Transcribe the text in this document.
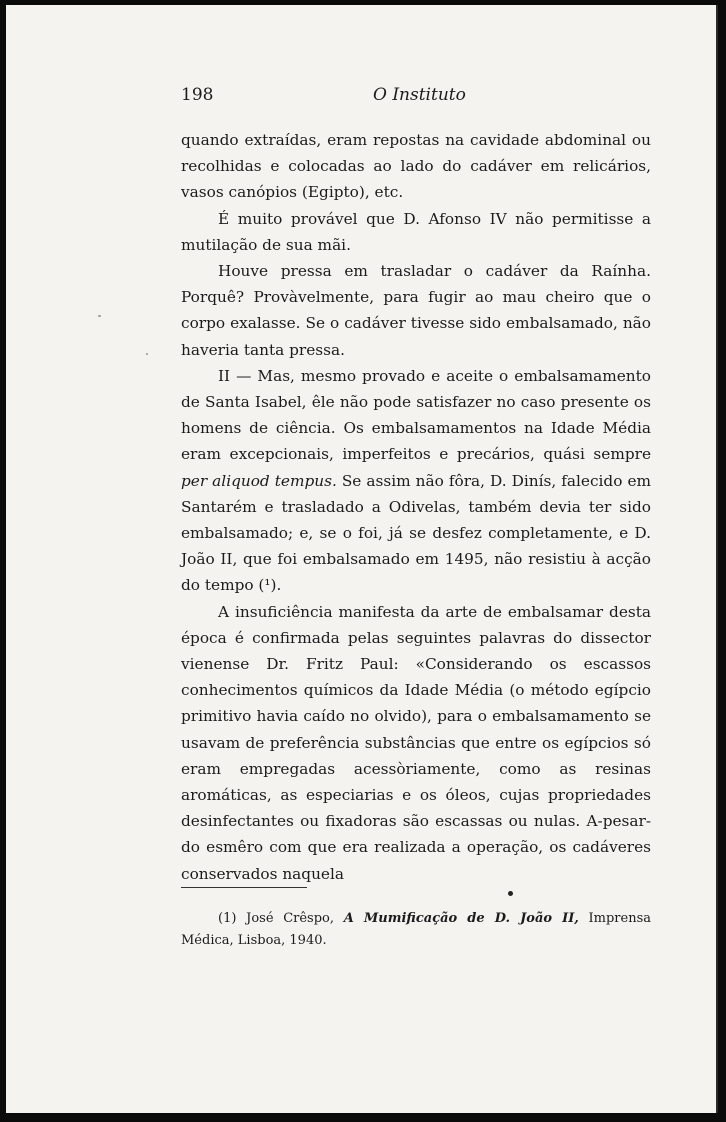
198	O Instituto

quando extraídas, eram repostas na cavidade abdominal ou recolhidas e colocadas ao lado do cadáver em relicários, vasos canópios (Egipto), etc.

É muito provável que D. Afonso IV não permitisse a mutilação de sua mãi.

Houve pressa em trasladar o cadáver da Raínha. Porquê? Provàvelmente, para fugir ao mau cheiro que o corpo exalasse. Se o cadáver tivesse sido embalsamado, não haveria tanta pressa.

II — Mas, mesmo provado e aceite o embalsamamento de Santa Isabel, êle não pode satisfazer no caso presente os homens de ciência. Os embalsamamentos na Idade Média eram excepcionais, imperfeitos e precários, quási sempre per aliquod tempus. Se assim não fôra, D. Dinís, falecido em Santarém e trasladado a Odivelas, também devia ter sido embalsamado; e, se o foi, já se desfez completamente, e D. João II, que foi embalsamado em 1495, não resistiu à acção do tempo (¹).

A insuficiência manifesta da arte de embalsamar desta época é confirmada pelas seguintes palavras do dissector vienense Dr. Fritz Paul: «Considerando os escassos conhecimentos químicos da Idade Média (o método egípcio primitivo havia caído no olvido), para o embalsamamento se usavam de preferência substâncias que entre os egípcios só eram empregadas acessòriamente, como as resinas aromáticas, as especiarias e os óleos, cujas propriedades desinfectantes ou fixadoras são escassas ou nulas. A-pesar-do esmêro com que era realizada a operação, os cadáveres conservados naquela

(1) José Crêspo, A Mumificação de D. João II, Imprensa Médica, Lisboa, 1940.
